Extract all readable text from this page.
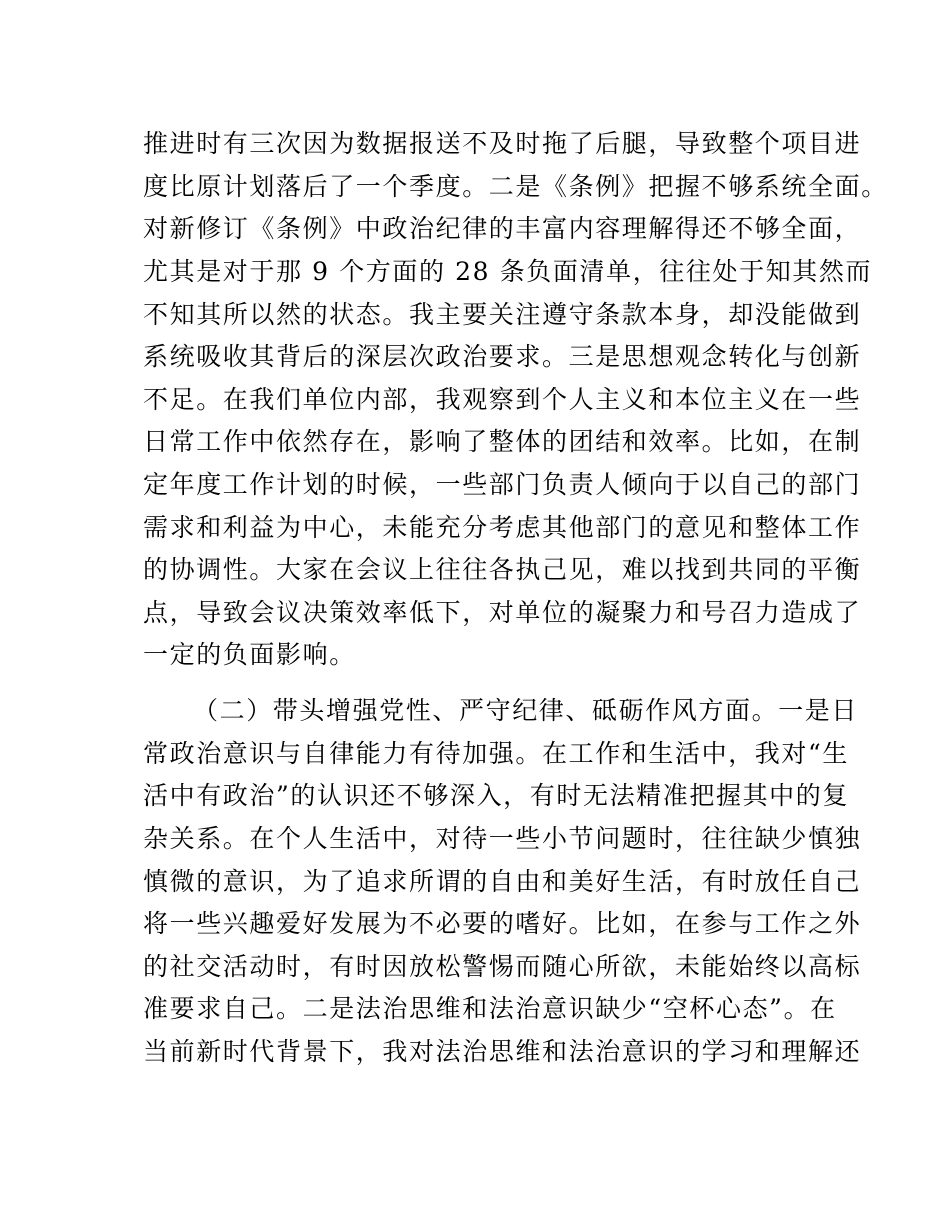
推进时有三次因为数据报送不及时拖了后腿，导致整个项目进
度比原计划落后了一个季度。二是《条例》把握不够系统全面。
对新修订《条例》中政治纪律的丰富内容理解得还不够全面，
尤其是对于那 9 个方面的 28 条负面清单，往往处于知其然而
不知其所以然的状态。我主要关注遵守条款本身，却没能做到
系统吸收其背后的深层次政治要求。三是思想观念转化与创新
不足。在我们单位内部，我观察到个人主义和本位主义在一些
日常工作中依然存在，影响了整体的团结和效率。比如，在制
定年度工作计划的时候，一些部门负责人倾向于以自己的部门
需求和利益为中心，未能充分考虑其他部门的意见和整体工作
的协调性。大家在会议上往往各执己见，难以找到共同的平衡
点，导致会议决策效率低下，对单位的凝聚力和号召力造成了
一定的负面影响。
（二）带头增强党性、严守纪律、砥砺作风方面。一是日
常政治意识与自律能力有待加强。在工作和生活中，我对“生
活中有政治”的认识还不够深入，有时无法精准把握其中的复
杂关系。在个人生活中，对待一些小节问题时，往往缺少慎独
慎微的意识，为了追求所谓的自由和美好生活，有时放任自己
将一些兴趣爱好发展为不必要的嗜好。比如，在参与工作之外
的社交活动时，有时因放松警惕而随心所欲，未能始终以高标
准要求自己。二是法治思维和法治意识缺少“空杯心态”。在
当前新时代背景下，我对法治思维和法治意识的学习和理解还
